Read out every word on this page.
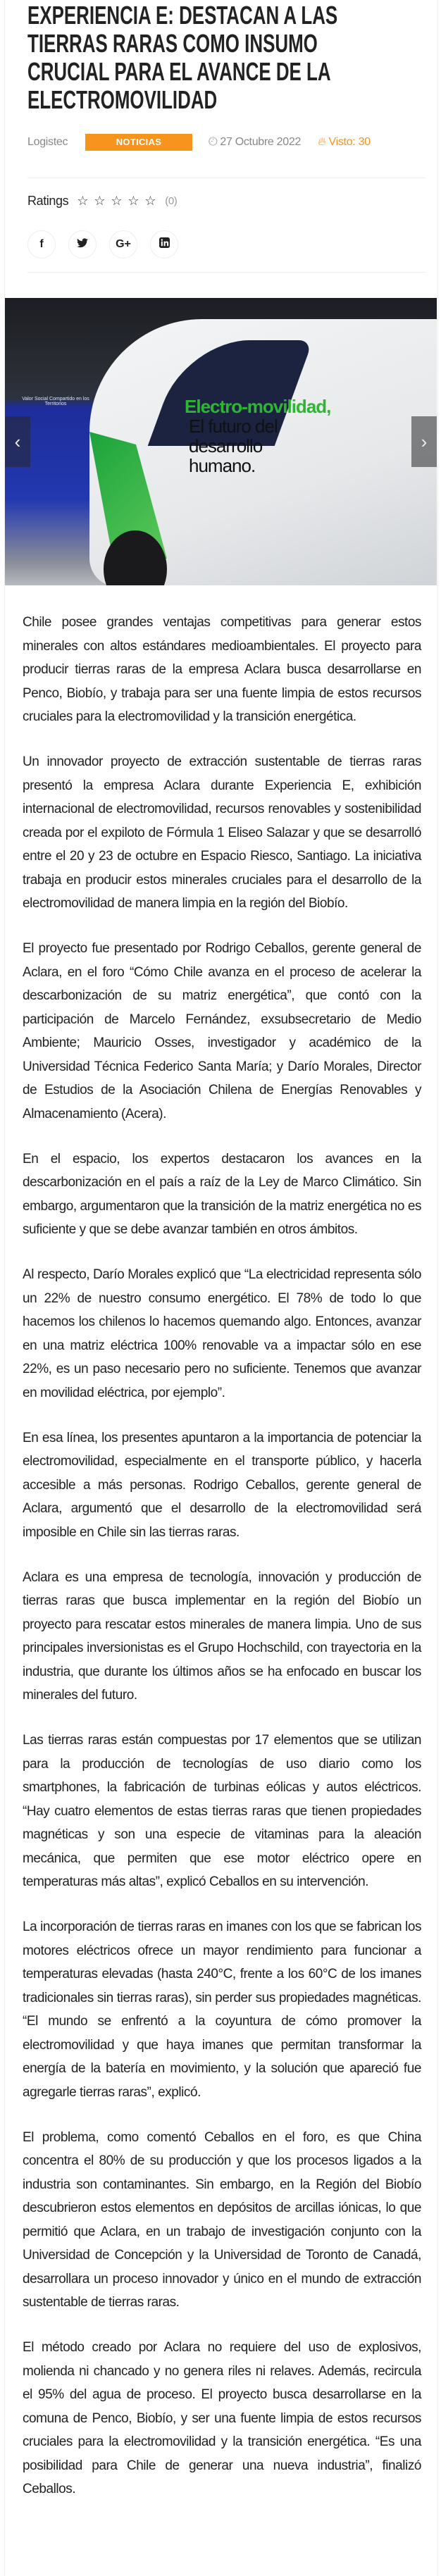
EXPERIENCIA E: DESTACAN A LAS
TIERRAS RARAS COMO INSUMO
CRUCIAL PARA EL AVANCE DE LA
ELECTROMOVILIDAD
Logistec	NOTICIAS INDUSTRIA
🕘︎ 27 Octubre 2022 🔥︎ Visto: 30
Ratings ☆ ☆ ☆ ☆ ☆ (0)
f	G+
Valor Social Compartido en los Territorios	Electro-movilidad,
El futuro del desarrollo humano.
‹	›

Chile posee grandes ventajas competitivas para generar estos minerales con altos estándares medioambientales. El proyecto para producir tierras raras de la empresa Aclara busca desarrollarse en Penco, Biobío, y trabaja para ser una fuente limpia de estos recursos cruciales para la electromovilidad y la transición energética.

Un innovador proyecto de extracción sustentable de tierras raras presentó la empresa Aclara durante Experiencia E, exhibición internacional de electromovilidad, recursos renovables y sostenibilidad creada por el expiloto de Fórmula 1 Eliseo Salazar y que se desarrolló entre el 20 y 23 de octubre en Espacio Riesco, Santiago. La iniciativa trabaja en producir estos minerales cruciales para el desarrollo de la electromovilidad de manera limpia en la región del Biobío.

El proyecto fue presentado por Rodrigo Ceballos, gerente general de Aclara, en el foro “Cómo Chile avanza en el proceso de acelerar la descarbonización de su matriz energética”, que contó con la participación de Marcelo Fernández, exsubsecretario de Medio Ambiente; Mauricio Osses, investigador y académico de la Universidad Técnica Federico Santa María; y Darío Morales, Director de Estudios de la Asociación Chilena de Energías Renovables y Almacenamiento (Acera).

En el espacio, los expertos destacaron los avances en la descarbonización en el país a raíz de la Ley de Marco Climático. Sin embargo, argumentaron que la transición de la matriz energética no es suficiente y que se debe avanzar también en otros ámbitos.

Al respecto, Darío Morales explicó que “La electricidad representa sólo un 22% de nuestro consumo energético. El 78% de todo lo que hacemos los chilenos lo hacemos quemando algo. Entonces, avanzar en una matriz eléctrica 100% renovable va a impactar sólo en ese 22%, es un paso necesario pero no suficiente. Tenemos que avanzar en movilidad eléctrica, por ejemplo”.

En esa línea, los presentes apuntaron a la importancia de potenciar la electromovilidad, especialmente en el transporte público, y hacerla accesible a más personas. Rodrigo Ceballos, gerente general de Aclara, argumentó que el desarrollo de la electromovilidad será imposible en Chile sin las tierras raras.

Aclara es una empresa de tecnología, innovación y producción de tierras raras que busca implementar en la región del Biobío un proyecto para rescatar estos minerales de manera limpia. Uno de sus principales inversionistas es el Grupo Hochschild, con trayectoria en la industria, que durante los últimos años se ha enfocado en buscar los minerales del futuro.

Las tierras raras están compuestas por 17 elementos que se utilizan para la producción de tecnologías de uso diario como los smartphones, la fabricación de turbinas eólicas y autos eléctricos. “Hay cuatro elementos de estas tierras raras que tienen propiedades magnéticas y son una especie de vitaminas para la aleación mecánica, que permiten que ese motor eléctrico opere en temperaturas más altas”, explicó Ceballos en su intervención.

La incorporación de tierras raras en imanes con los que se fabrican los motores eléctricos ofrece un mayor rendimiento para funcionar a temperaturas elevadas (hasta 240°C, frente a los 60°C de los imanes tradicionales sin tierras raras), sin perder sus propiedades magnéticas. “El mundo se enfrentó a la coyuntura de cómo promover la electromovilidad y que haya imanes que permitan transformar la energía de la batería en movimiento, y la solución que apareció fue agregarle tierras raras”, explicó.

El problema, como comentó Ceballos en el foro, es que China concentra el 80% de su producción y que los procesos ligados a la industria son contaminantes. Sin embargo, en la Región del Biobío descubrieron estos elementos en depósitos de arcillas iónicas, lo que permitió que Aclara, en un trabajo de investigación conjunto con la Universidad de Concepción y la Universidad de Toronto de Canadá, desarrollara un proceso innovador y único en el mundo de extracción sustentable de tierras raras.

El método creado por Aclara no requiere del uso de explosivos, molienda ni chancado y no genera riles ni relaves. Además, recircula el 95% del agua de proceso. El proyecto busca desarrollarse en la comuna de Penco, Biobío, y ser una fuente limpia de estos recursos cruciales para la electromovilidad y la transición energética. “Es una posibilidad para Chile de generar una nueva industria”, finalizó Ceballos.
